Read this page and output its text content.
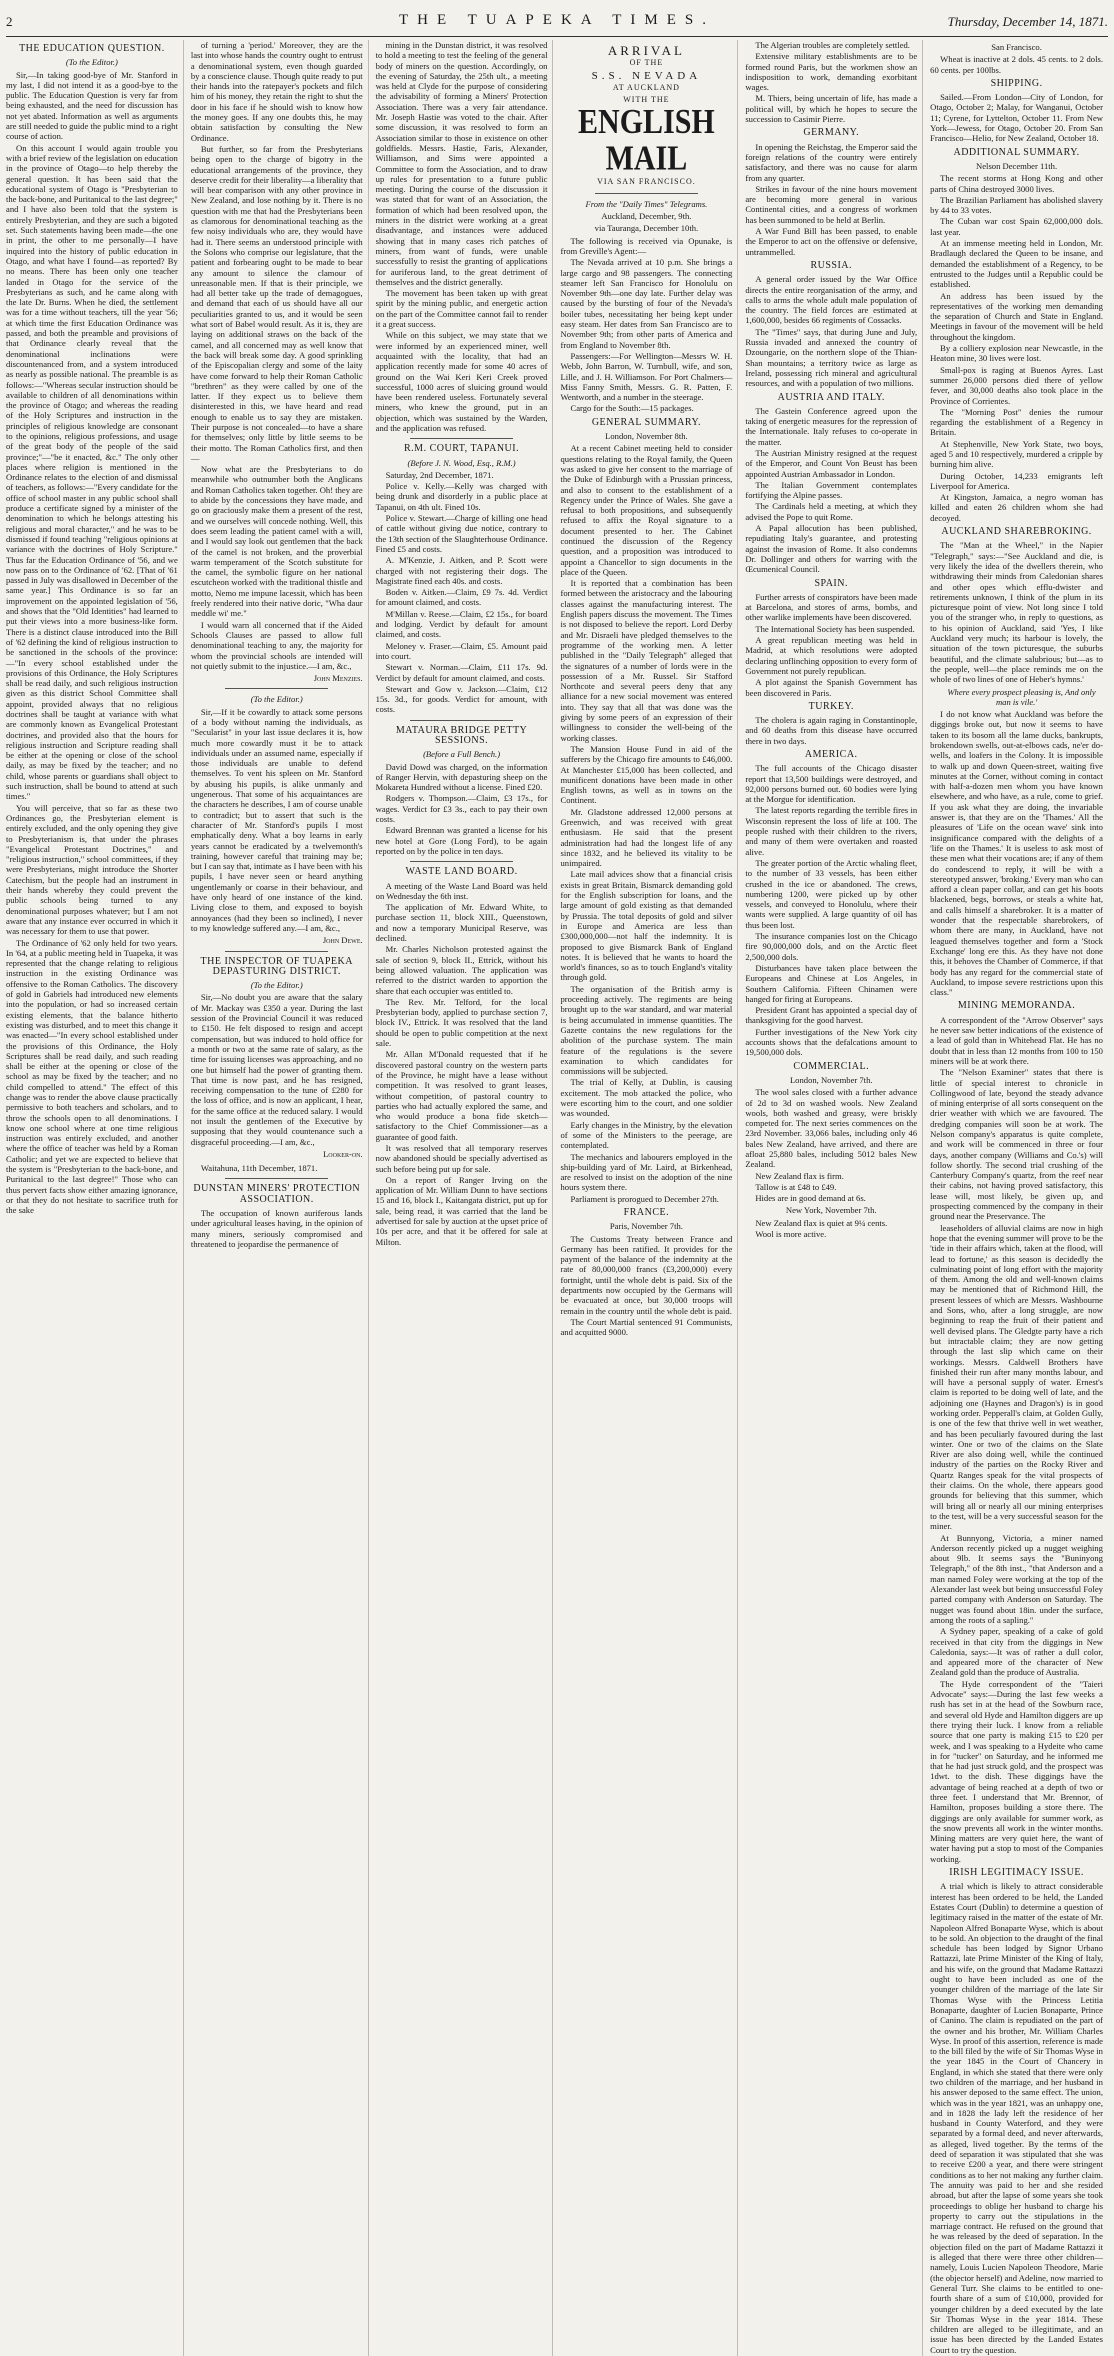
2	THE TUAPEKA TIMES.	Thursday, December 14, 1871.
THE EDUCATION QUESTION.
(To the Editor.)

Sir,—In taking good-bye of Mr. Stanford in my last, I did not intend it as a good-bye to the public. The Education Question is very far from being exhausted, and the need for discussion has not yet abated. Information as well as arguments are still needed to guide the public mind to a right course of action.

On this account I would again trouble you with a brief review of the legislation on education in the province of Otago—to help thereby the general question. It has been said that the educational system of Otago is "Presbyterian to the back-bone, and Puritanical to the last degree;" and I have also been told that the system is entirely Presbyterian, and they are such a bigoted set. Such statements having been made—the one in print, the other to me personally—I have inquired into the history of public education in Otago, and what have I found—as reported? By no means. There has been only one teacher landed in Otago for the service of the Presbyterians as such, and he came along with the late Dr. Burns. When he died, the settlement was for a time without teachers, till the year '56; at which time the first Education Ordinance was passed, and both the preamble and provisions of that Ordinance clearly reveal that the denominational inclinations were discountenanced from, and a system introduced as nearly as possible national. The preamble is as follows:—"Whereas secular instruction should be available to children of all denominations within the province of Otago; and whereas the reading of the Holy Scriptures and instruction in the principles of religious knowledge are consonant to the opinions, religious professions, and usage of the great body of the people of the said province;"—"be it enacted, &c." The only other places where religion is mentioned in the Ordinance relates to the election of and dismissal of teachers, as follows:—"Every candidate for the office of school master in any public school shall produce a certificate signed by a minister of the denomination to which he belongs attesting his religious and moral character," and he was to be dismissed if found teaching "religious opinions at variance with the doctrines of Holy Scripture." Thus far the Education Ordinance of '56, and we now pass on to the Ordinance of '62. [That of '61 passed in July was disallowed in December of the same year.] This Ordinance is so far an improvement on the appointed legislation of '56, and shows that the "Old Identities" had learned to put their views into a more business-like form. There is a distinct clause introduced into the Bill of '62 defining the kind of religious instruction to be sanctioned in the schools of the province:—"In every school established under the provisions of this Ordinance, the Holy Scriptures shall be read daily, and such religious instruction given as this district School Committee shall appoint, provided always that no religious doctrines shall be taught at variance with what are commonly known as Evangelical Protestant doctrines, and provided also that the hours for religious instruction and Scripture reading shall be either at the opening or close of the school daily, as may be fixed by the teacher; and no child, whose parents or guardians shall object to such instruction, shall be bound to attend at such times."

You will perceive, that so far as these two Ordinances go, the Presbyterian element is entirely excluded, and the only opening they give to Presbyterianism is, that under the phrases "Evangelical Protestant Doctrines," and "religious instruction," school committees, if they were Presbyterians, might introduce the Shorter Catechism, but the people had an instrument in their hands whereby they could prevent the public schools being turned to any denominational purposes whatever; but I am not aware that any instance ever occurred in which it was necessary for them to use that power.

The Ordinance of '62 only held for two years. In '64, at a public meeting held in Tuapeka, it was represented that the change relating to religious instruction in the existing Ordinance was offensive to the Roman Catholics. The discovery of gold in Gabriels had introduced new elements into the population, or had so increased certain existing elements, that the balance hitherto existing was disturbed, and to meet this change it was enacted—"In every school established under the provisions of this Ordinance, the Holy Scriptures shall be read daily, and such reading shall be either at the opening or close of the school as may be fixed by the teacher; and no child compelled to attend." The effect of this change was to render the above clause practically permissive to both teachers and scholars, and to throw the schools open to all denominations. I know one school where at one time religious instruction was entirely excluded, and another where the office of teacher was held by a Roman Catholic; and yet we are expected to believe that the system is "Presbyterian to the back-bone, and Puritanical to the last degree!" Those who can thus pervert facts show either amazing ignorance, or that they do not hesitate to sacrifice truth for the sake

of turning a 'period.' Moreover, they are the last into whose hands the country ought to entrust a denominational system, even though guarded by a conscience clause. Though quite ready to put their hands into the ratepayer's pockets and filch him of his money, they retain the right to shut the door in his face if he should wish to know how the money goes. If any one doubts this, he may obtain satisfaction by consulting the New Ordinance.

But further, so far from the Presbyterians being open to the charge of bigotry in the educational arrangements of the province, they deserve credit for their liberality—a liberality that will bear comparison with any other province in New Zealand, and lose nothing by it. There is no question with me that had the Presbyterians been as clamorous for denominational teaching as the few noisy individuals who are, they would have had it. There seems an understood principle with the Solons who comprise our legislature, that the patient and forbearing ought to be made to bear any amount to silence the clamour of unreasonable men. If that is their principle, we had all better take up the trade of demagogues, and demand that each of us should have all our peculiarities granted to us, and it would be seen what sort of Babel would result. As it is, they are laying on additional straws on the back of the camel, and all concerned may as well know that the back will break some day. A good sprinkling of the Episcopalian clergy and some of the laity have come forward to help their Roman Catholic "brethren" as they were called by one of the latter. If they expect us to believe them disinterested in this, we have heard and read enough to enable us to say they are mistaken. Their purpose is not concealed—to have a share for themselves; only little by little seems to be their motto. The Roman Catholics first, and then—

Now what are the Presbyterians to do meanwhile who outnumber both the Anglicans and Roman Catholics taken together. Oh! they are to abide by the concessions they have made, and go on graciously make them a present of the rest, and we ourselves will concede nothing. Well, this does seem leading the patient camel with a will, and I would say look out gentlemen that the back of the camel is not broken, and the proverbial warm temperament of the Scotch substitute for the camel, the symbolic figure on her national escutcheon worked with the traditional thistle and motto, Nemo me impune lacessit, which has been freely rendered into their native doric, "Wha daur meddle wi' me."

I would warn all concerned that if the Aided Schools Clauses are passed to allow full denominational teaching to any, the majority for whom the provincial schools are intended will not quietly submit to the injustice.—I am, &c.,

John Menzies.
(To the Editor.)

Sir,—If it be cowardly to attack some persons of a body without naming the individuals, as "Secularist" in your last issue declares it is, how much more cowardly must it be to attack individuals under an assumed name, especially if those individuals are unable to defend themselves. To vent his spleen on Mr. Stanford by abusing his pupils, is alike unmanly and ungenerous. That some of his acquaintances are the characters he describes, I am of course unable to contradict; but to assert that such is the character of Mr. Stanford's pupils I most emphatically deny. What a boy learns in early years cannot be eradicated by a twelvemonth's training, however careful that training may be; but I can say that, intimate as I have been with his pupils, I have never seen or heard anything ungentlemanly or coarse in their behaviour, and have only heard of one instance of the kind. Living close to them, and exposed to boyish annoyances (had they been so inclined), I never to my knowledge suffered any.—I am, &c.,

John Dewe.
THE INSPECTOR OF TUAPEKA DEPASTURING DISTRICT.
(To the Editor.)

Sir,—No doubt you are aware that the salary of Mr. Mackay was £350 a year. During the last session of the Provincial Council it was reduced to £150. He felt disposed to resign and accept compensation, but was induced to hold office for a month or two at the same rate of salary, as the time for issuing licenses was approaching, and no one but himself had the power of granting them. That time is now past, and he has resigned, receiving compensation to the tune of £280 for the loss of office, and is now an applicant, I hear, for the same office at the reduced salary. I would not insult the gentlemen of the Executive by supposing that they would countenance such a disgraceful proceeding.—I am, &c.,

Looker-on.

Waitahuna, 11th December, 1871.

DUNSTAN MINERS' PROTECTION ASSOCIATION.

The occupation of known auriferous lands under agricultural leases having, in the opinion of many miners, seriously compromised and threatened to jeopardise the permanence of

mining in the Dunstan district, it was resolved to hold a meeting to test the feeling of the general body of miners on the question. Accordingly, on the evening of Saturday, the 25th ult., a meeting was held at Clyde for the purpose of considering the advisability of forming a Miners' Protection Association. There was a very fair attendance. Mr. Joseph Hastie was voted to the chair. After some discussion, it was resolved to form an Association similar to those in existence on other goldfields. Messrs. Hastie, Faris, Alexander, Williamson, and Sims were appointed a Committee to form the Association, and to draw up rules for presentation to a future public meeting. During the course of the discussion it was stated that for want of an Association, the formation of which had been resolved upon, the miners in the district were working at a great disadvantage, and instances were adduced showing that in many cases rich patches of miners, from want of funds, were unable successfully to resist the granting of applications for auriferous land, to the great detriment of themselves and the district generally.

The movement has been taken up with great spirit by the mining public, and energetic action on the part of the Committee cannot fail to render it a great success.

While on this subject, we may state that we were informed by an experienced miner, well acquainted with the locality, that had an application recently made for some 40 acres of ground on the Wai Keri Keri Creek proved successful, 1000 acres of sluicing ground would have been rendered useless. Fortunately several miners, who knew the ground, put in an objection, which was sustained by the Warden, and the application was refused.

R.M. COURT, TAPANUI.
(Before J. N. Wood, Esq., R.M.)

Saturday, 2nd December, 1871.

Police v. Kelly.—Kelly was charged with being drunk and disorderly in a public place at Tapanui, on 4th ult. Fined 10s.

Police v. Stewart.—Charge of killing one head of cattle without giving due notice, contrary to the 13th section of the Slaughterhouse Ordinance. Fined £5 and costs.

A. M'Kenzie, J. Aitken, and P. Scott were charged with not registering their dogs. The Magistrate fined each 40s. and costs.

Boden v. Aitken.—Claim, £9 7s. 4d. Verdict for amount claimed, and costs.

M'Millan v. Reese.—Claim, £2 15s., for board and lodging. Verdict by default for amount claimed, and costs.

Meloney v. Fraser.—Claim, £5. Amount paid into court.

Stewart v. Norman.—Claim, £11 17s. 9d. Verdict by default for amount claimed, and costs.

Stewart and Gow v. Jackson.—Claim, £12 15s. 3d., for goods. Verdict for amount, with costs.

MATAURA BRIDGE PETTY SESSIONS.
(Before a Full Bench.)

David Dowd was charged, on the information of Ranger Hervin, with depasturing sheep on the Mokareta Hundred without a license. Fined £20.

Rodgers v. Thompson.—Claim, £3 17s., for wages. Verdict for £3 3s., each to pay their own costs.

Edward Brennan was granted a license for his new hotel at Gore (Long Ford), to be again reported on by the police in ten days.

WASTE LAND BOARD.

A meeting of the Waste Land Board was held on Wednesday the 6th inst.

The application of Mr. Edward White, to purchase section 11, block XIII., Queenstown, and now a temporary Municipal Reserve, was declined.

Mr. Charles Nicholson protested against the sale of section 9, block II., Ettrick, without his being allowed valuation. The application was referred to the district warden to apportion the share that each occupier was entitled to.

The Rev. Mr. Telford, for the local Presbyterian body, applied to purchase section 7, block IV., Ettrick. It was resolved that the land should be open to public competition at the next sale.

Mr. Allan M'Donald requested that if he discovered pastoral country on the western parts of the Province, he might have a lease without competition. It was resolved to grant leases, without competition, of pastoral country to parties who had actually explored the same, and who would produce a bona fide sketch—satisfactory to the Chief Commissioner—as a guarantee of good faith.

It was resolved that all temporary reserves now abandoned should be specially advertised as such before being put up for sale.

On a report of Ranger Irving on the application of Mr. William Dunn to have sections 15 and 16, block I., Kaitangata district, put up for sale, being read, it was carried that the land be advertised for sale by auction at the upset price of 10s per acre, and that it be offered for sale at Milton.

ARRIVAL
OF THE
S.S. NEVADA
AT AUCKLAND
WITH THE
ENGLISH MAIL
VIA SAN FRANCISCO.
From the "Daily Times" Telegrams.
Auckland, December, 9th.
via Tauranga, December 10th.

The following is received via Opunake, is from Greville's Agent:—

The Nevada arrived at 10 p.m. She brings a large cargo and 98 passengers. The connecting steamer left San Francisco for Honolulu on November 9th—one day late. Further delay was caused by the bursting of four of the Nevada's boiler tubes, necessitating her being kept under easy steam. Her dates from San Francisco are to November 9th; from other parts of America and from England to November 8th.

Passengers:—For Wellington—Messrs W. H. Webb, John Barron, W. Turnbull, wife, and son, Lille, and J. H. Williamson. For Port Chalmers—Miss Fanny Smith, Messrs. G. R. Patten, F. Wentworth, and a number in the steerage.

Cargo for the South:—15 packages.

GENERAL SUMMARY.
London, November 8th.

At a recent Cabinet meeting held to consider questions relating to the Royal family, the Queen was asked to give her consent to the marriage of the Duke of Edinburgh with a Prussian princess, and also to consent to the establishment of a Regency under the Prince of Wales. She gave a refusal to both propositions, and subsequently refused to affix the Royal signature to a document presented to her. The Cabinet continued the discussion of the Regency question, and a proposition was introduced to appoint a Chancellor to sign documents in the place of the Queen.

It is reported that a combination has been formed between the aristocracy and the labouring classes against the manufacturing interest. The English papers discuss the movement. The Times is not disposed to believe the report. Lord Derby and Mr. Disraeli have pledged themselves to the programme of the working men. A letter published in the "Daily Telegraph" alleged that the signatures of a number of lords were in the possession of a Mr. Russel. Sir Stafford Northcote and several peers deny that any alliance for a new social movement was entered into. They say that all that was done was the giving by some peers of an expression of their willingness to consider the well-being of the working classes.

The Mansion House Fund in aid of the sufferers by the Chicago fire amounts to £46,000. At Manchester £15,000 has been collected, and munificent donations have been made in other English towns, as well as in towns on the Continent.

Mr. Gladstone addressed 12,000 persons at Greenwich, and was received with great enthusiasm. He said that the present administration had had the longest life of any since 1832, and he believed its vitality to be unimpaired.

Late mail advices show that a financial crisis exists in great Britain, Bismarck demanding gold for the English subscription for loans, and the large amount of gold existing as that demanded by Prussia. The total deposits of gold and silver in Europe and America are less than £300,000,000—not half the indemnity. It is proposed to give Bismarck Bank of England notes. It is believed that he wants to hoard the world's finances, so as to touch England's vitality through gold.

The organisation of the British army is proceeding actively. The regiments are being brought up to the war standard, and war material is being accumulated in immense quantities. The Gazette contains the new regulations for the abolition of the purchase system. The main feature of the regulations is the severe examination to which candidates for commissions will be subjected.

The trial of Kelly, at Dublin, is causing excitement. The mob attacked the police, who were escorting him to the court, and one soldier was wounded.

Early changes in the Ministry, by the elevation of some of the Ministers to the peerage, are contemplated.

The mechanics and labourers employed in the ship-building yard of Mr. Laird, at Birkenhead, are resolved to insist on the adoption of the nine hours system there.

Parliament is prorogued to December 27th.

FRANCE.
Paris, November 7th.

The Customs Treaty between France and Germany has been ratified. It provides for the payment of the balance of the indemnity at the rate of 80,000,000 francs (£3,200,000) every fortnight, until the whole debt is paid. Six of the departments now occupied by the Germans will be evacuated at once, but 30,000 troops will remain in the country until the whole debt is paid.

The Court Martial sentenced 91 Communists, and acquitted 9000.

The Algerian troubles are completely settled.

Extensive military establishments are to be formed round Paris, but the workmen show an indisposition to work, demanding exorbitant wages.

M. Thiers, being uncertain of life, has made a political will, by which he hopes to secure the succession to Casimir Pierre.

GERMANY.

In opening the Reichstag, the Emperor said the foreign relations of the country were entirely satisfactory, and there was no cause for alarm from any quarter.

Strikes in favour of the nine hours movement are becoming more general in various Continental cities, and a congress of workmen has been summoned to be held at Berlin.

A War Fund Bill has been passed, to enable the Emperor to act on the offensive or defensive, untrammelled.

RUSSIA.

A general order issued by the War Office directs the entire reorganisation of the army, and calls to arms the whole adult male population of the country. The field forces are estimated at 1,600,000, besides 66 regiments of Cossacks.

The "Times" says, that during June and July, Russia invaded and annexed the country of Dzoungarie, on the northern slope of the Thian-Shan mountains; a territory twice as large as Ireland, possessing rich mineral and agricultural resources, and with a population of two millions.

AUSTRIA AND ITALY.

The Gastein Conference agreed upon the taking of energetic measures for the repression of the Internationale. Italy refuses to co-operate in the matter.

The Austrian Ministry resigned at the request of the Emperor, and Count Von Beust has been appointed Austrian Ambassador in London.

The Italian Government contemplates fortifying the Alpine passes.

The Cardinals held a meeting, at which they advised the Pope to quit Rome.

A Papal allocution has been published, repudiating Italy's guarantee, and protesting against the invasion of Rome. It also condemns Dr. Dollinger and others for warring with the Œcumenical Council.

SPAIN.

Further arrests of conspirators have been made at Barcelona, and stores of arms, bombs, and other warlike implements have been discovered.

The International Society has been suspended.

A great republican meeting was held in Madrid, at which resolutions were adopted declaring unflinching opposition to every form of Government not purely republican.

A plot against the Spanish Government has been discovered in Paris.

TURKEY.

The cholera is again raging in Constantinople, and 60 deaths from this disease have occurred there in two days.

AMERICA.

The full accounts of the Chicago disaster report that 13,500 buildings were destroyed, and 92,000 persons burned out. 60 bodies were lying at the Morgue for identification.

The latest reports regarding the terrible fires in Wisconsin represent the loss of life at 100. The people rushed with their children to the rivers, and many of them were overtaken and roasted alive.

The greater portion of the Arctic whaling fleet, to the number of 33 vessels, has been either crushed in the ice or abandoned. The crews, numbering 1200, were picked up by other vessels, and conveyed to Honolulu, where their wants were supplied. A large quantity of oil has thus been lost.

The insurance companies lost on the Chicago fire 90,000,000 dols, and on the Arctic fleet 2,500,000 dols.

Disturbances have taken place between the Europeans and Chinese at Los Angeles, in Southern California. Fifteen Chinamen were hanged for firing at Europeans.

President Grant has appointed a special day of thanksgiving for the good harvest.

Further investigations of the New York city accounts shows that the defalcations amount to 19,500,000 dols.

COMMERCIAL.
London, November 7th.

The wool sales closed with a further advance of 2d to 3d on washed wools. New Zealand wools, both washed and greasy, were briskly competed for. The next series commences on the 23rd November. 33,066 bales, including only 46 bales New Zealand, have arrived, and there are afloat 25,880 bales, including 5012 bales New Zealand.

New Zealand flax is firm.

Tallow is at £48 to £49.

Hides are in good demand at 6s.

New York, November 7th.

New Zealand flax is quiet at 9¼ cents.

Wool is more active.

San Francisco.

Wheat is inactive at 2 dols. 45 cents. to 2 dols. 60 cents. per 100lbs.

SHIPPING.

Sailed.—From London—City of London, for Otago, October 2; Malay, for Wanganui, October 11; Cyrene, for Lyttelton, October 11. From New York—Jewess, for Otago, October 20. From San Francisco—Helio, for New Zealand, October 18.

ADDITIONAL SUMMARY.
Nelson December 11th.

The recent storms at Hong Kong and other parts of China destroyed 3000 lives.

The Brazilian Parliament has abolished slavery by 44 to 33 votes.

The Cuban war cost Spain 62,000,000 dols. last year.

At an immense meeting held in London, Mr. Bradlaugh declared the Queen to be insane, and demanded the establishment of a Regency, to be entrusted to the Judges until a Republic could be established.

An address has been issued by the representatives of the working men demanding the separation of Church and State in England. Meetings in favour of the movement will be held throughout the kingdom.

By a colliery explosion near Newcastle, in the Heaton mine, 30 lives were lost.

Small-pox is raging at Buenos Ayres. Last summer 26,000 persons died there of yellow fever, and 30,000 deaths also took place in the Province of Corrientes.

The "Morning Post" denies the rumour regarding the establishment of a Regency in Britain.

At Stephenville, New York State, two boys, aged 5 and 10 respectively, murdered a cripple by burning him alive.

During October, 14,233 emigrants left Liverpool for America.

At Kingston, Jamaica, a negro woman has killed and eaten 26 children whom she had decoyed.

AUCKLAND SHAREBROKING.

The "Man at the Wheel," in the Napier "Telegraph," says:—"See Auckland and die, is very likely the idea of the dwellers therein, who withdrawing their minds from Caledonian shares and other opes which efflu-dwister and retirements unknown, I think of the plum in its picturesque point of view. Not long since I told you of the stranger who, in reply to questions, as to his opinion of Auckland, said 'Yes, I like Auckland very much; its harbour is lovely, the situation of the town picturesque, the suburbs beautiful, and the climate salubrious; but—as to the people, well—the place reminds me on the whole of two lines of one of Heber's hymns.'

Where every prospect pleasing is, And only man is vile.'

I do not know what Auckland was before the diggings broke out, but now it seems to have taken to its bosom all the lame ducks, bankrupts, brokendown swells, out-at-elbows cads, ne'er do-wells, and loafers in the Colony. It is impossible to walk up and down Queen-street, waiting five minutes at the Corner, without coming in contact with half-a-dozen men whom you have known elsewhere, and who have, as a rule, come to grief. If you ask what they are doing, the invariable answer is, that they are on the 'Thames.' All the pleasures of 'Life on the ocean wave' sink into insignificance compared with the delights of a 'life on the Thames.' It is useless to ask most of these men what their vocations are; if any of them do condescend to reply, it will be with a stereotyped answer, 'broking.' Every man who can afford a clean paper collar, and can get his boots blackened, begs, borrows, or steals a white hat, and calls himself a sharebroker. It is a matter of wonder that the respectable sharebrokers, of whom there are many, in Auckland, have not leagued themselves together and form a 'Stock Exchange' long ere this. As they have not done this, it behoves the Chamber of Commerce, if that body has any regard for the commercial state of Auckland, to impose severe restrictions upon this class."

MINING MEMORANDA.

A correspondent of the "Arrow Observer" says he never saw better indications of the existence of a lead of gold than in Whitehead Flat. He has no doubt that in less than 12 months from 100 to 150 miners will be at work there.

The "Nelson Examiner" states that there is little of special interest to chronicle in Collingwood of late, beyond the steady advance of mining enterprise of all sorts consequent on the drier weather with which we are favoured. The dredging companies will soon be at work. The Nelson company's apparatus is quite complete, and work will be commenced in three or four days, another company (Williams and Co.'s) will follow shortly. The second trial crushing of the Canterbury Company's quartz, from the reef near their cabins, not having proved satisfactory, this lease will, most likely, be given up, and prospecting commenced by the company in their ground near the Preservance. The

leaseholders of alluvial claims are now in high hope that the evening summer will prove to be the 'tide in their affairs which, taken at the flood, will lead to fortune,' as this season is decidedly the culminating point of long effort with the majority of them. Among the old and well-known claims may be mentioned that of Richmond Hill, the present lessees of which are Messrs. Washbourne and Sons, who, after a long struggle, are now beginning to reap the fruit of their patient and well devised plans. The Gledgte party have a rich but intractable claim; they are now getting through the last slip which came on their workings. Messrs. Caldwell Brothers have finished their run after many months labour, and will have a personal supply of water. Ernest's claim is reported to be doing well of late, and the adjoining one (Haynes and Dragon's) is in good working order. Pepperall's claim, at Golden Gully, is one of the few that thrive well in wet weather, and has been peculiarly favoured during the last winter. One or two of the claims on the Slate River are also doing well, while the continued industry of the parties on the Rocky River and Quartz Ranges speak for the vital prospects of their claims. On the whole, there appears good grounds for believing that this summer, which will bring all or nearly all our mining enterprises to the test, will be a very successful season for the miner.

At Bunnyong, Victoria, a miner named Anderson recently picked up a nugget weighing about 9lb. It seems says the "Buninyong Telegraph," of the 8th inst., "that Anderson and a man named Foley were working at the top of the Alexander last week but being unsuccessful Foley parted company with Anderson on Saturday. The nugget was found about 18in. under the surface, among the roots of a sapling."

A Sydney paper, speaking of a cake of gold received in that city from the diggings in New Caledonia, says:—It was of rather a dull color, and appeared more of the character of New Zealand gold than the produce of Australia.

The Hyde correspondent of the "Taieri Advocate" says:—During the last few weeks a rush has set in at the head of the Sowburn race, and several old Hyde and Hamilton diggers are up there trying their luck. I know from a reliable source that one party is making £15 to £20 per week, and I was speaking to a Hydeite who came in for "tucker" on Saturday, and he informed me that he had just struck gold, and the prospect was 1dwt. to the dish. These diggings have the advantage of being reached at a depth of two or three feet. I understand that Mr. Brennor, of Hamilton, proposes building a store there. The diggings are only available for summer work, as the snow prevents all work in the winter months. Mining matters are very quiet here, the want of water having put a stop to most of the Companies working.

IRISH LEGITIMACY ISSUE.

A trial which is likely to attract considerable interest has been ordered to be held, the Landed Estates Court (Dublin) to determine a question of legitimacy raised in the matter of the estate of Mr. Napoleon Alfred Bonaparte Wyse, which is about to be sold. An objection to the draught of the final schedule has been lodged by Signor Urbano Rattazzi, late Prime Minister of the King of Italy, and his wife, on the ground that Madame Rattazzi ought to have been included as one of the younger children of the marriage of the late Sir Thomas Wyse with the Princess Letitia Bonaparte, daughter of Lucien Bonaparte, Prince of Canino. The claim is repudiated on the part of the owner and his brother, Mr. William Charles Wyse. In proof of this assertion, reference is made to the bill filed by the wife of Sir Thomas Wyse in the year 1845 in the Court of Chancery in England, in which she stated that there were only two children of the marriage, and her husband in his answer deposed to the same effect. The union, which was in the year 1821, was an unhappy one, and in 1828 the lady left the residence of her husband in County Waterford, and they were separated by a formal deed, and never afterwards, as alleged, lived together. By the terms of the deed of separation it was stipulated that she was to receive £200 a year, and there were stringent conditions as to her not making any further claim. The annuity was paid to her and she resided abroad, but after the lapse of some years she took proceedings to oblige her husband to charge his property to carry out the stipulations in the marriage contract. He refused on the ground that he was released by the deed of separation. In the objection filed on the part of Madame Rattazzi it is alleged that there were three other children—namely, Louis Lucien Napoleon Theodore, Marie (the objector herself) and Adeline, now married to General Turr. She claims to be entitled to one-fourth share of a sum of £10,000, provided for younger children by a deed executed by the late Sir Thomas Wyse in the year 1814. These children are alleged to be illegitimate, and an issue has been directed by the Landed Estates Court to try the question.
